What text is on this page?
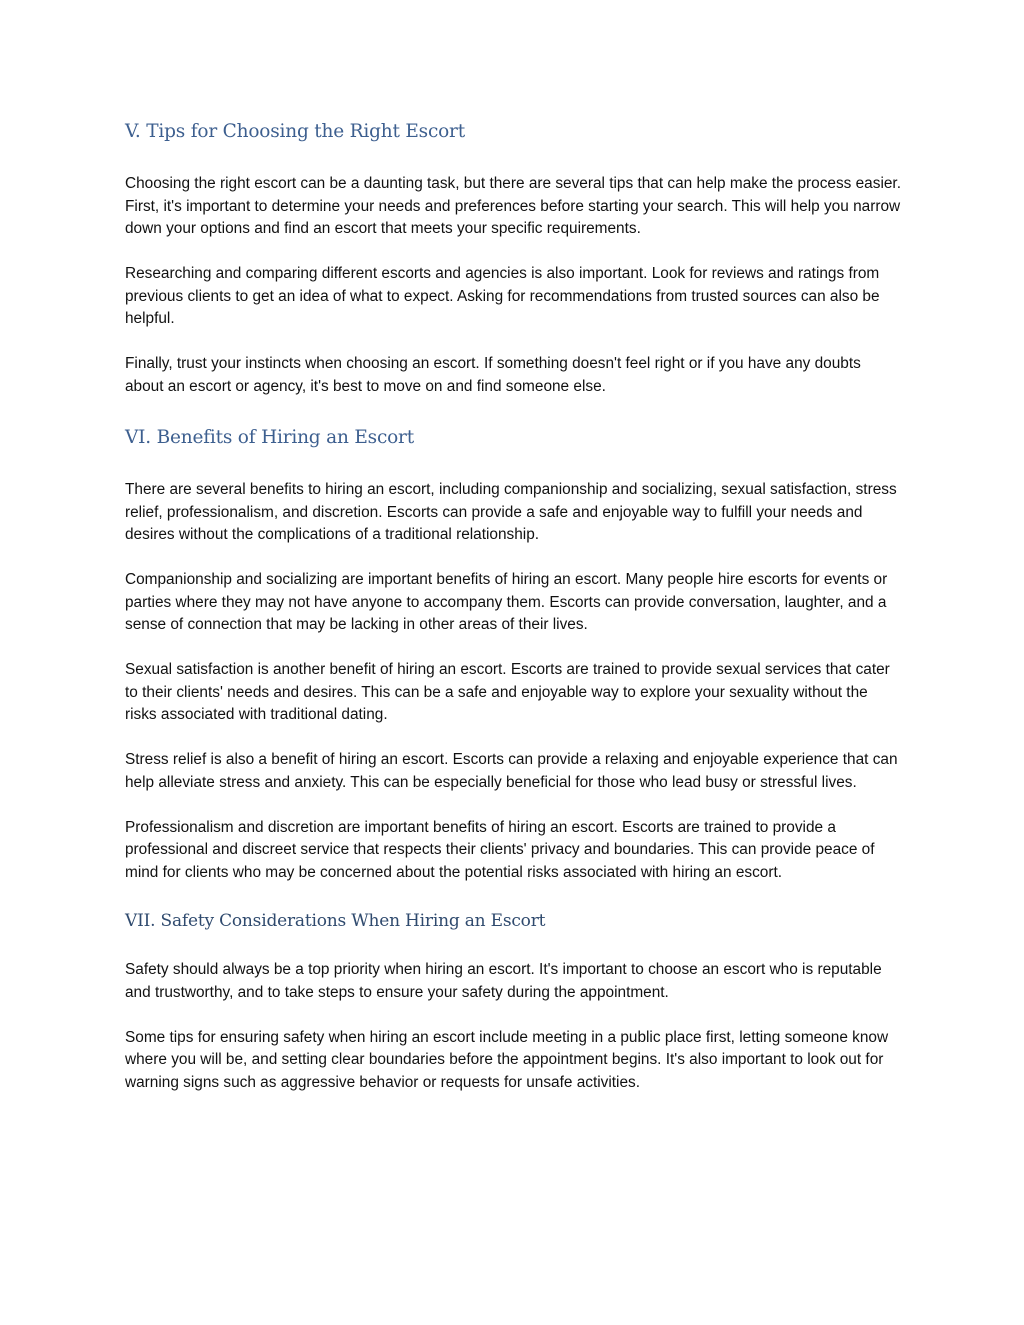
V. Tips for Choosing the Right Escort

Choosing the right escort can be a daunting task, but there are several tips that can help make the process easier. First, it's important to determine your needs and preferences before starting your search. This will help you narrow down your options and find an escort that meets your specific requirements.

Researching and comparing different escorts and agencies is also important. Look for reviews and ratings from previous clients to get an idea of what to expect. Asking for recommendations from trusted sources can also be helpful.

Finally, trust your instincts when choosing an escort. If something doesn't feel right or if you have any doubts about an escort or agency, it's best to move on and find someone else.

VI. Benefits of Hiring an Escort

There are several benefits to hiring an escort, including companionship and socializing, sexual satisfaction, stress relief, professionalism, and discretion. Escorts can provide a safe and enjoyable way to fulfill your needs and desires without the complications of a traditional relationship.

Companionship and socializing are important benefits of hiring an escort. Many people hire escorts for events or parties where they may not have anyone to accompany them. Escorts can provide conversation, laughter, and a sense of connection that may be lacking in other areas of their lives.

Sexual satisfaction is another benefit of hiring an escort. Escorts are trained to provide sexual services that cater to their clients' needs and desires. This can be a safe and enjoyable way to explore your sexuality without the risks associated with traditional dating.

Stress relief is also a benefit of hiring an escort. Escorts can provide a relaxing and enjoyable experience that can help alleviate stress and anxiety. This can be especially beneficial for those who lead busy or stressful lives.

Professionalism and discretion are important benefits of hiring an escort. Escorts are trained to provide a professional and discreet service that respects their clients' privacy and boundaries. This can provide peace of mind for clients who may be concerned about the potential risks associated with hiring an escort.

VII. Safety Considerations When Hiring an Escort

Safety should always be a top priority when hiring an escort. It's important to choose an escort who is reputable and trustworthy, and to take steps to ensure your safety during the appointment.

Some tips for ensuring safety when hiring an escort include meeting in a public place first, letting someone know where you will be, and setting clear boundaries before the appointment begins. It's also important to look out for warning signs such as aggressive behavior or requests for unsafe activities.
